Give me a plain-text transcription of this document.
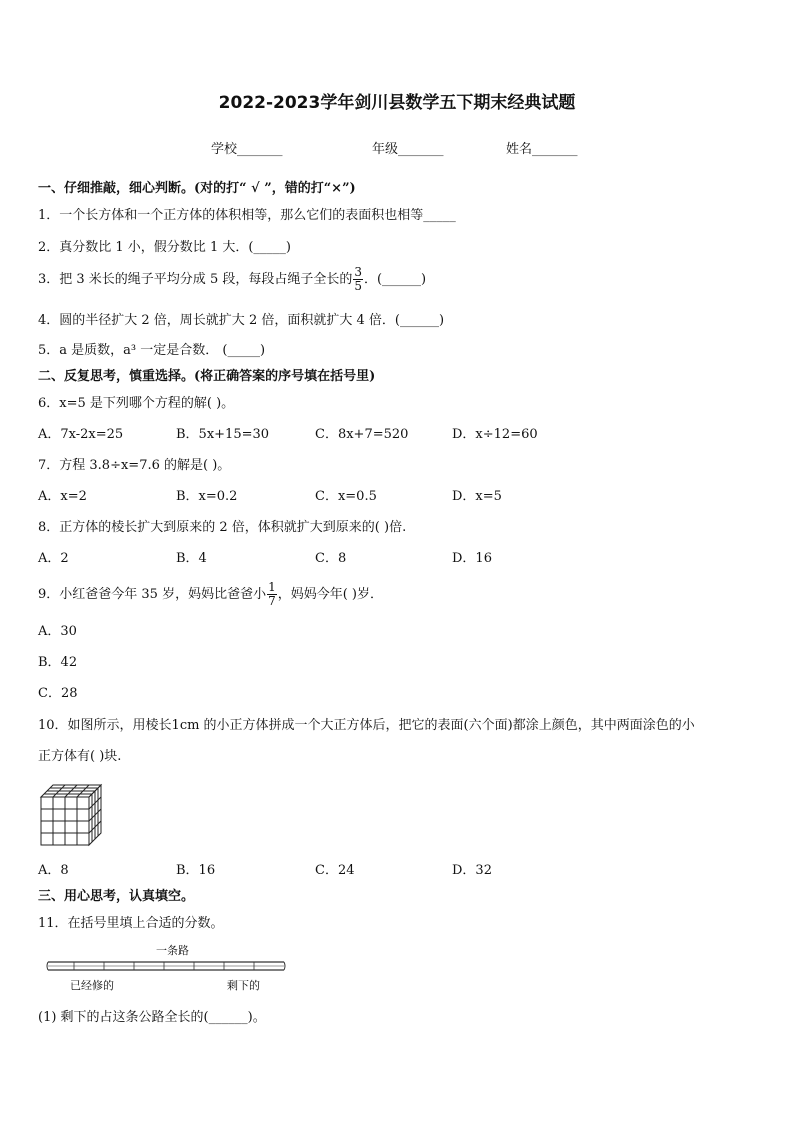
2022-2023学年剑川县数学五下期末经典试题
学校_______	年级_______	姓名_______
一、仔细推敲，细心判断。(对的打“ √ ”，错的打“×”)
1．一个长方体和一个正方体的体积相等，那么它们的表面积也相等_____
2．真分数比 1 小，假分数比 1 大．(_____)
3．把 3 米长的绳子平均分成 5 段，每段占绳子全长的 $\frac{3}{5}$ ．(______)
4．圆的半径扩大 2 倍，周长就扩大 2 倍，面积就扩大 4 倍．(______)
5．a 是质数，a³ 一定是合数． (_____)
二、反复思考，慎重选择。(将正确答案的序号填在括号里)
6．x=5 是下列哪个方程的解( )。
A．7x-2x=25	B．5x+15=30	C．8x+7=520	D．x÷12=60
7．方程 3.8÷x=7.6 的解是( )。
A．x=2	B．x=0.2	C．x=0.5	D．x=5
8．正方体的棱长扩大到原来的 2 倍，体积就扩大到原来的( )倍.
A．2	B．4	C．8	D．16
9．小红爸爸今年 35 岁，妈妈比爸爸小 $\frac{1}{7}$ ，妈妈今年( )岁．
A．30
B．42
C．28
10．如图所示，用棱长1cm 的小正方体拼成一个大正方体后，把它的表面(六个面)都涂上颜色，其中两面涂色的小
正方体有( )块.
A．8	B．16	C．24	D．32
三、用心思考，认真填空。
11．在括号里填上合适的分数。
一条路
已经修的	剩下的
(1) 剩下的占这条公路全长的(______)。
